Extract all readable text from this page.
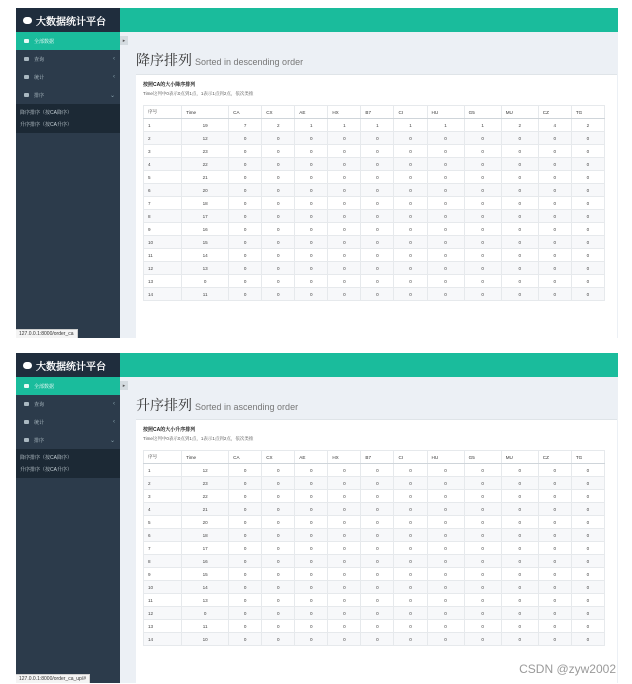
大数据统计平台
全部数据
查询	‹
统计	‹
排序	⌄
降序排序（按CA降序）
升序排序（按CA升序）
▸
降序排列 Sorted in descending order
按照CA的大小降序排列
Time这列中0表示0点到1点，1表示1点到2点，依次类推
序号	Time	CA	CX	AE	HX	B7	CI	HU	G5	MU	CZ	TG
1	19	7	2	1	1	1	1	1	1	2	4	2
2	12	0	0	0	0	0	0	0	0	0	0	0
3	23	0	0	0	0	0	0	0	0	0	0	0
4	22	0	0	0	0	0	0	0	0	0	0	0
5	21	0	0	0	0	0	0	0	0	0	0	0
6	20	0	0	0	0	0	0	0	0	0	0	0
7	18	0	0	0	0	0	0	0	0	0	0	0
8	17	0	0	0	0	0	0	0	0	0	0	0
9	16	0	0	0	0	0	0	0	0	0	0	0
10	15	0	0	0	0	0	0	0	0	0	0	0
11	14	0	0	0	0	0	0	0	0	0	0	0
12	13	0	0	0	0	0	0	0	0	0	0	0
13	0	0	0	0	0	0	0	0	0	0	0	0
14	11	0	0	0	0	0	0	0	0	0	0	0
127.0.0.1:8000/order_ca
大数据统计平台
全部数据
查询	‹
统计	‹
排序	⌄
降序排序（按CA降序）
升序排序（按CA升序）
▸
升序排列 Sorted in ascending order
按照CA的大小升序排列
Time这列中0表示0点到1点，1表示1点到2点，依次类推
序号	Time	CA	CX	AE	HX	B7	CI	HU	G5	MU	CZ	TG
1	12	0	0	0	0	0	0	0	0	0	0	0
2	23	0	0	0	0	0	0	0	0	0	0	0
3	22	0	0	0	0	0	0	0	0	0	0	0
4	21	0	0	0	0	0	0	0	0	0	0	0
5	20	0	0	0	0	0	0	0	0	0	0	0
6	18	0	0	0	0	0	0	0	0	0	0	0
7	17	0	0	0	0	0	0	0	0	0	0	0
8	16	0	0	0	0	0	0	0	0	0	0	0
9	15	0	0	0	0	0	0	0	0	0	0	0
10	14	0	0	0	0	0	0	0	0	0	0	0
11	13	0	0	0	0	0	0	0	0	0	0	0
12	0	0	0	0	0	0	0	0	0	0	0	0
13	11	0	0	0	0	0	0	0	0	0	0	0
14	10	0	0	0	0	0	0	0	0	0	0	0
127.0.0.1:8000/order_ca_up/#
CSDN @zyw2002
